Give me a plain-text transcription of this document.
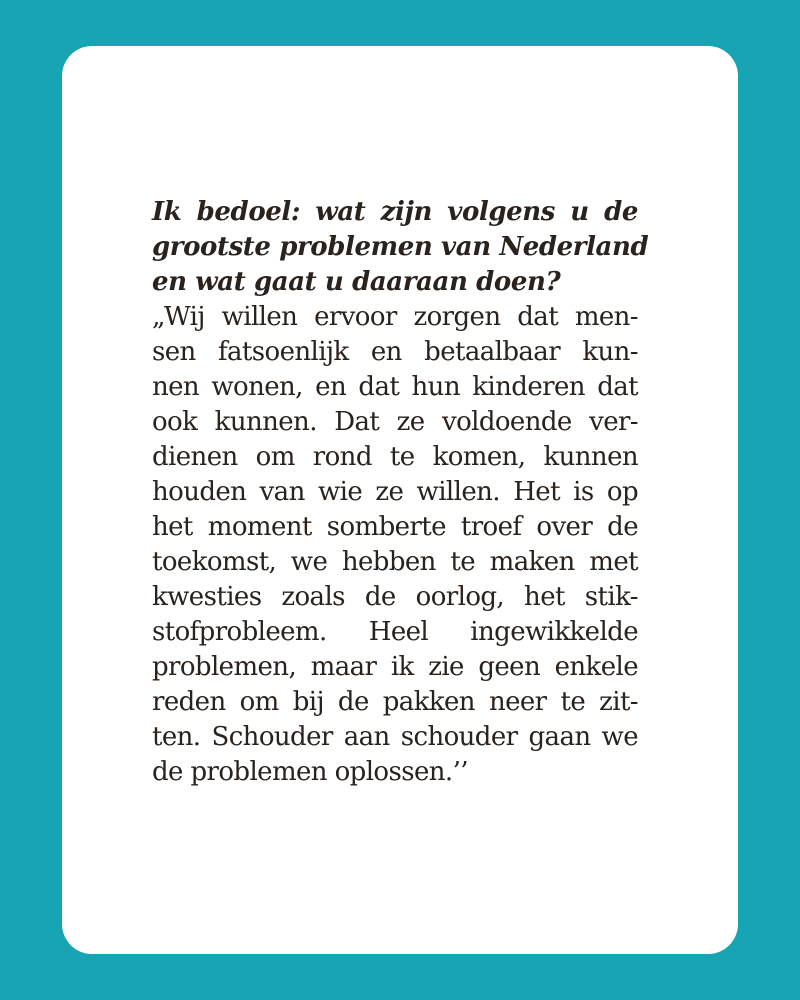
Ik bedoel: wat zijn volgens u de
grootste problemen van Nederland
en wat gaat u daaraan doen?

„Wij willen ervoor zorgen dat men-
sen fatsoenlijk en betaalbaar kun-
nen wonen, en dat hun kinderen dat
ook kunnen. Dat ze voldoende ver-
dienen om rond te komen, kunnen
houden van wie ze willen. Het is op
het moment somberte troef over de
toekomst, we hebben te maken met
kwesties zoals de oorlog, het stik-
stofprobleem. Heel ingewikkelde
problemen, maar ik zie geen enkele
reden om bij de pakken neer te zit-
ten. Schouder aan schouder gaan we
de problemen oplossen.’’
